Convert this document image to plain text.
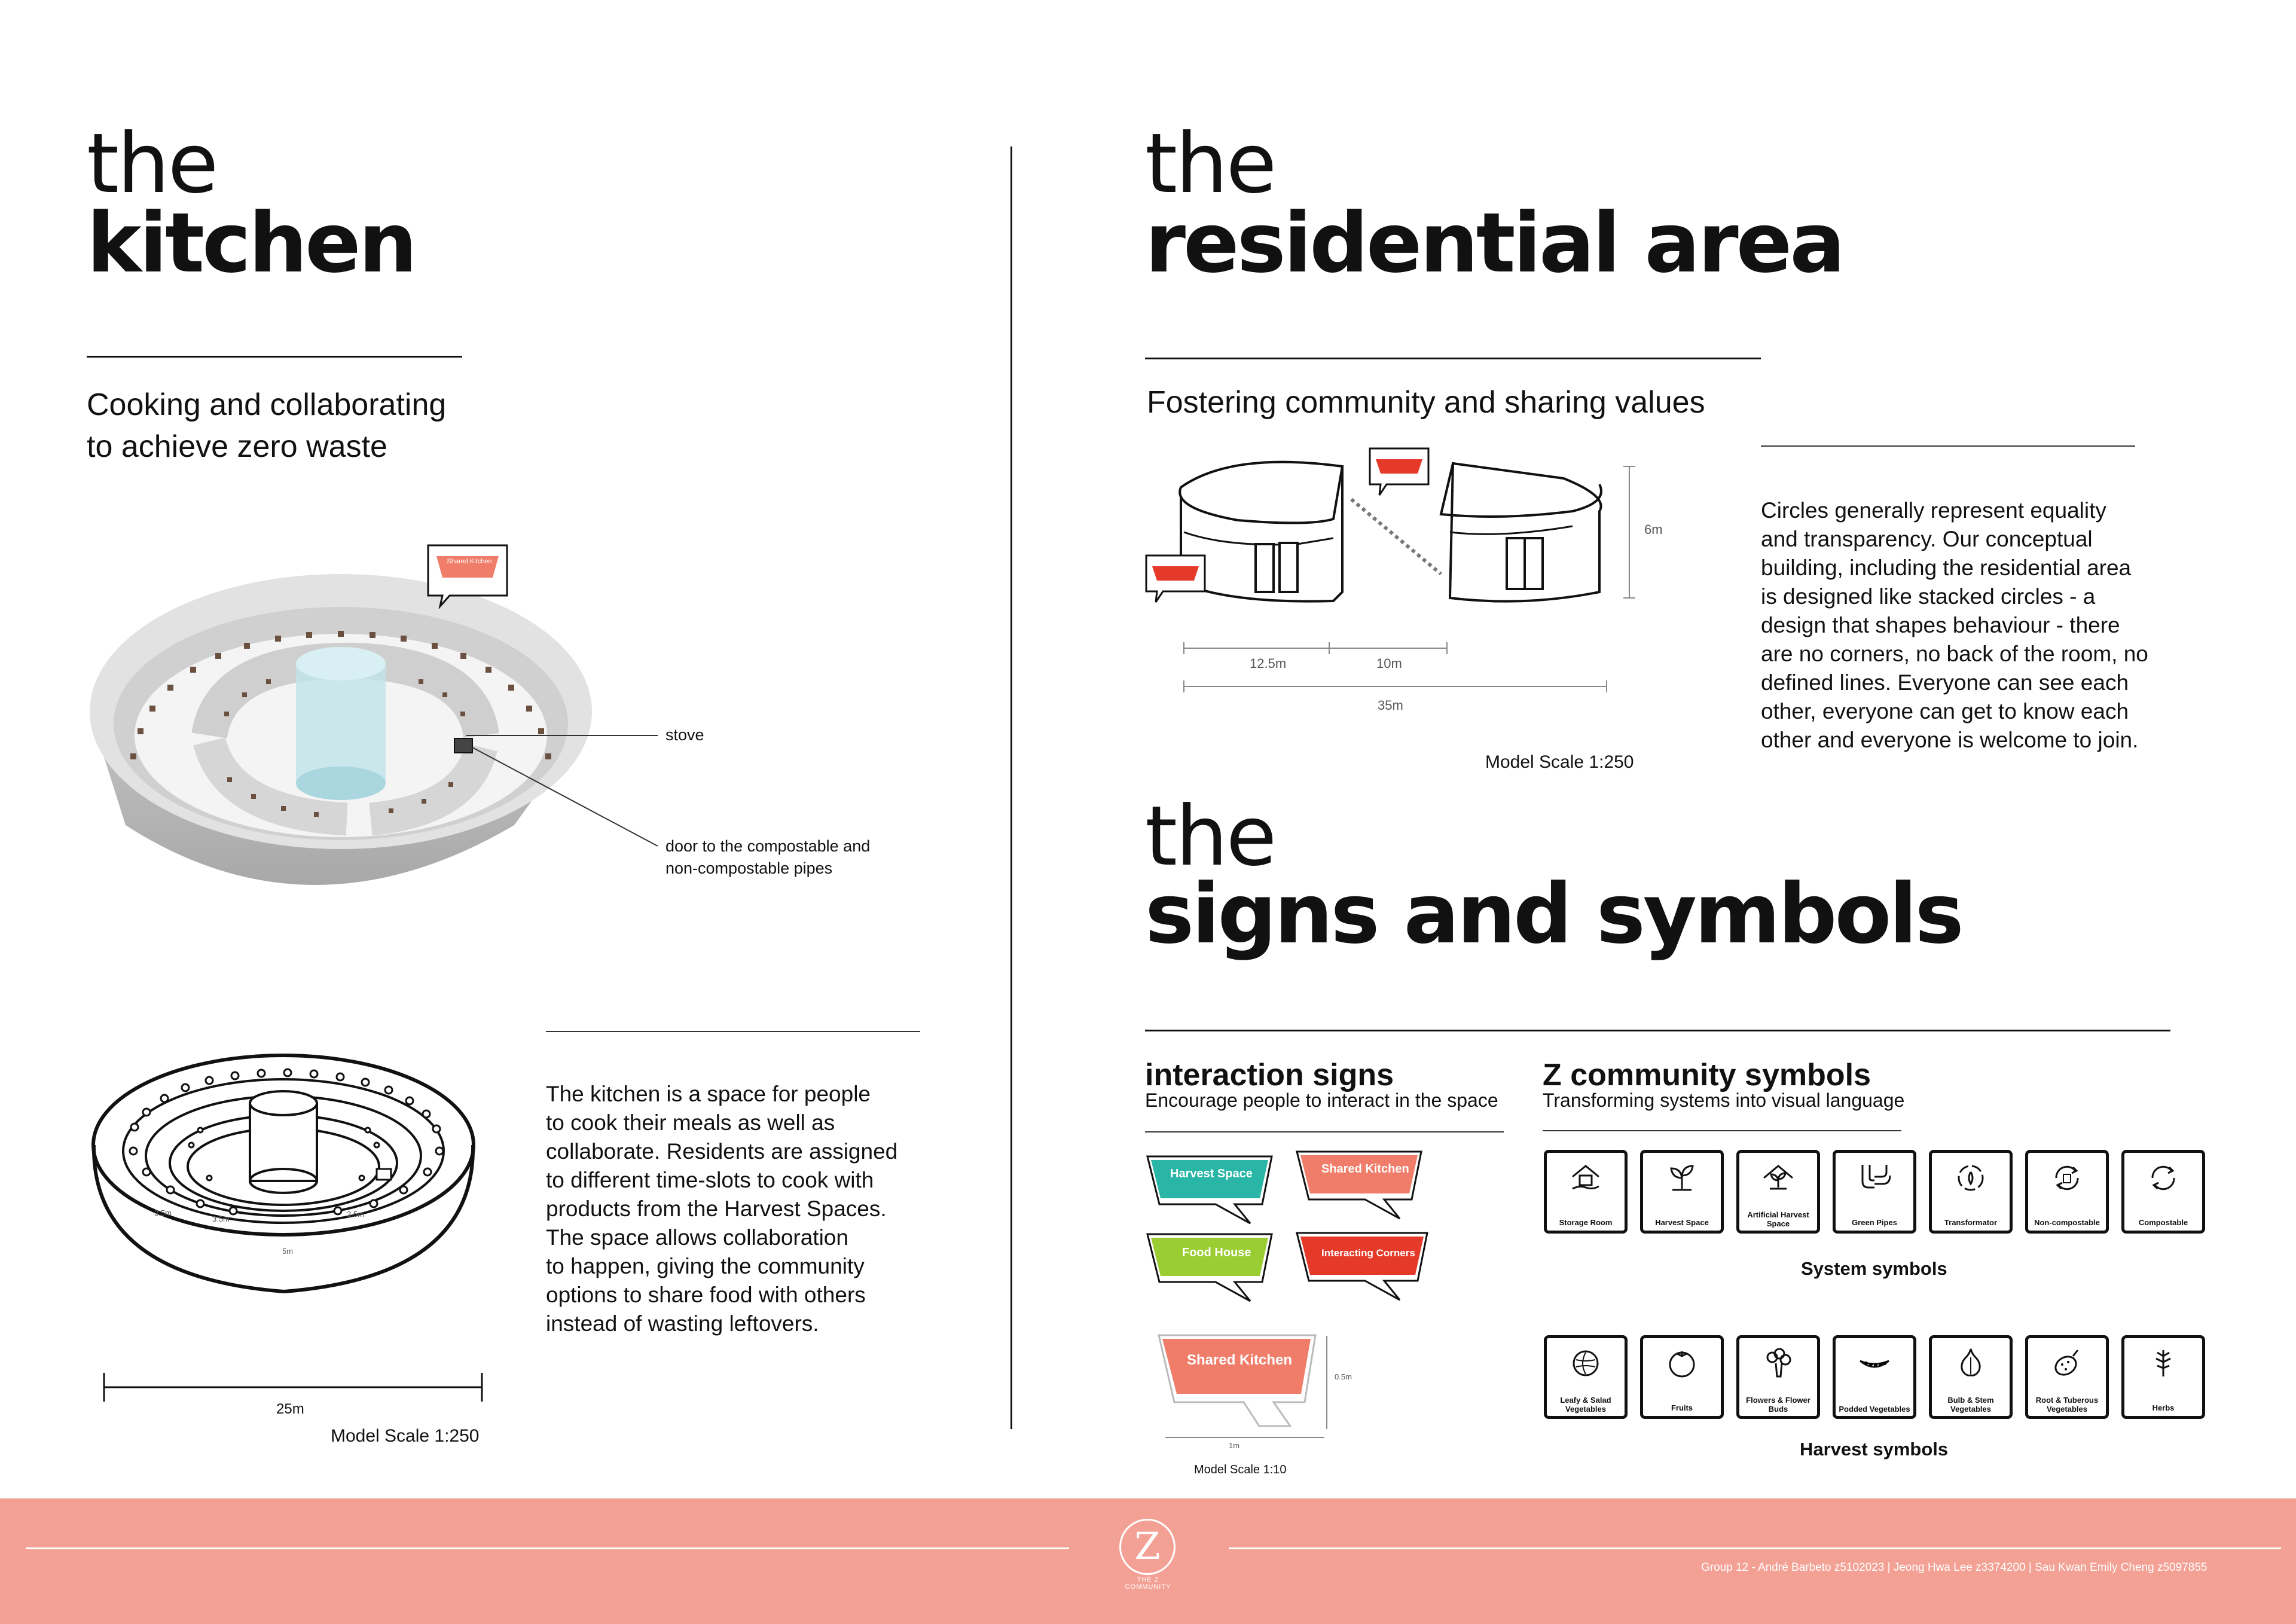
the
kitchen
Cooking and collaborating
to achieve zero waste
Shared Kitchen
stove
door to the compostable and
non-compostable pipes
3.5m
3.5m
3.5m
5m
25m
Model Scale 1:250
The kitchen is a space for people
to cook their meals as well as
collaborate. Residents are assigned
to different time-slots to cook with
products from the Harvest Spaces.
The space allows collaboration
to happen, giving the community
options to share food with others
instead of wasting leftovers.
the
residential area
Fostering community and sharing values
12.5m	10m
35m
6m
Model Scale 1:250
Circles generally represent equality
and transparency. Our conceptual
building, including the residential area
is designed like stacked circles - a
design that shapes behaviour - there
are no corners, no back of the room, no
defined lines. Everyone can see each
other, everyone can get to know each
other and everyone is welcome to join.
the
signs and symbols
interaction signs
Encourage people to interact in the space
Z community symbols
Transforming systems into visual language
Harvest Space	Shared Kitchen
Food House	Interacting Corners
Shared Kitchen
1m
0.5m
Model Scale 1:10
Storage Room	Harvest Space
Artificial Harvest Space	Green Pipes	Transformator	Non-compostable	Compostable
System symbols
Leafy & Salad Vegetables	Fruits
Flowers & Flower Buds	Podded Vegetables
Bulb & Stem Vegetables
Root & Tuberous Vegetables	Herbs
Harvest symbols
Z
THE Z COMMUNITY
Group 12 - André Barbeto z5102023 | Jeong Hwa Lee z3374200 | Sau Kwan Emily Cheng z5097855
